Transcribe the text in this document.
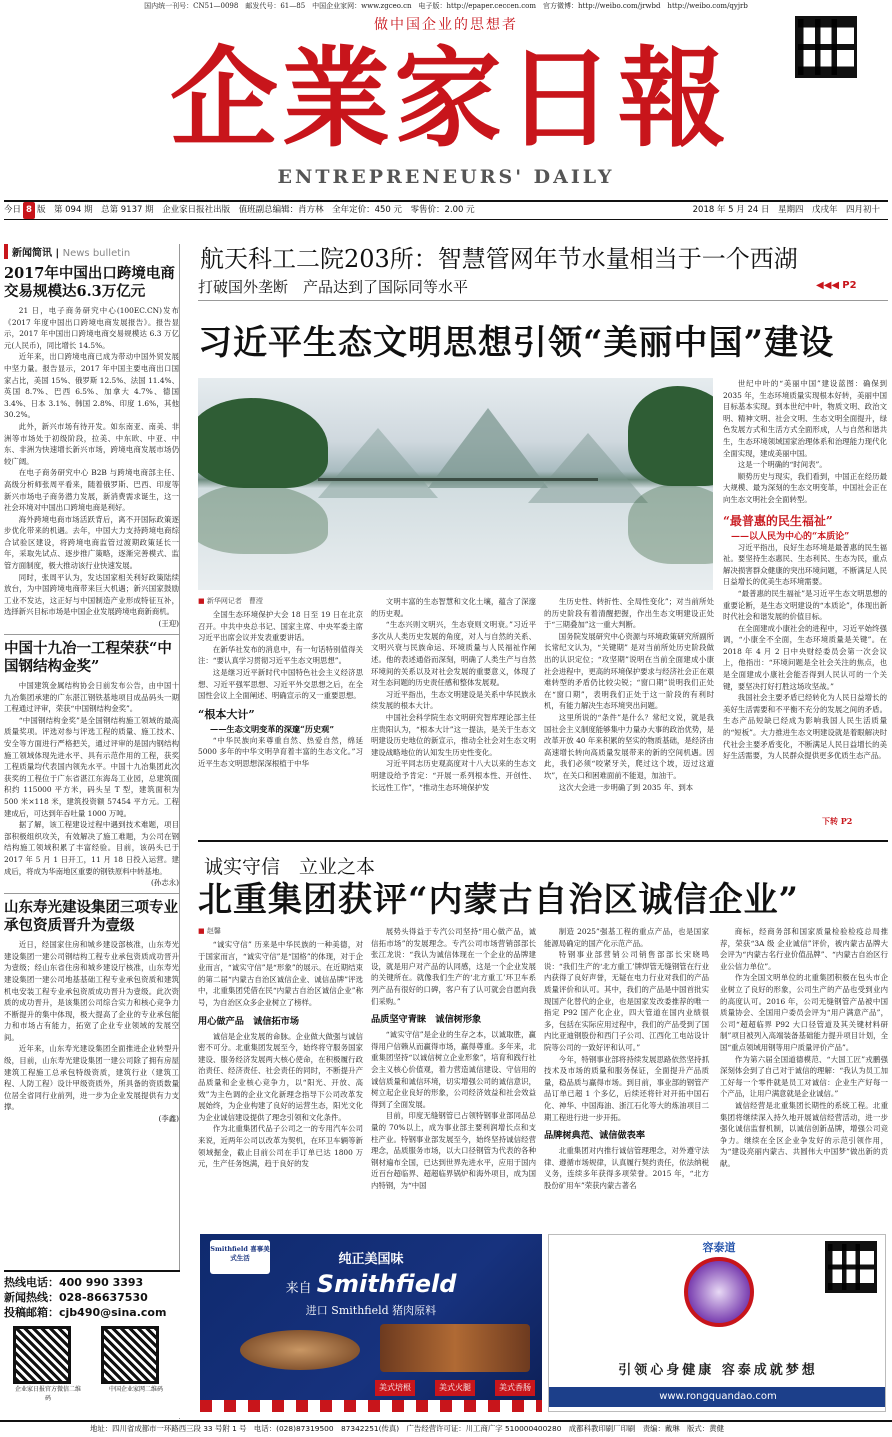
国内统一刊号：CN51—0098　邮发代号：61—85　中国企业家网：www.zgceo.cn　电子版：http://epaper.ceccen.com　官方微博：http://weibo.com/jrwbd　http://weibo.com/qyjrb
做中国企业的思想者
企業家日報
ENTREPRENEURS' DAILY
今日 8 版　第 094 期　总第 9137 期　企业家日报社出版　值班副总编辑：肖方林　全年定价：450 元　零售价：2.00 元	2018 年 5 月 24 日　星期四　戊戌年　四月初十
新闻简讯 | News bulletin
2017年中国出口跨境电商交易规模达6.3万亿元

21 日，电子商务研究中心(100EC.CN)发布《2017 年度中国出口跨境电商发展报告》。报告显示，2017 年中国出口跨境电商交易规模达 6.3 万亿元(人民币)，同比增长 14.5%。

近年来，出口跨境电商已成为带动中国外贸发展中坚力量。报告显示，2017 年中国主要电商出口国家占比，美国 15%、俄罗斯 12.5%、法国 11.4%、英国 8.7%、巴西 6.5%、加拿大 4.7%、德国 3.4%、日本 3.1%、韩国 2.8%、印度 1.6%，其他 30.2%。

此外，新兴市场有待开发。如东南亚、南美、非洲等市场处于初级阶段，拉美、中东欧、中亚、中东、非洲为快速增长新兴市场，跨境电商发展市场仍较广阔。

在电子商务研究中心 B2B 与跨境电商部主任、高级分析师张周平看来，随着俄罗斯、巴西、印度等新兴市场电子商务潜力发展，新消费需求诞生，这一社会环境对中国出口跨境电商是利好。

海外跨境电商市场活跃背后，离不开国际政策逐步优化带来的机遇。去年，中国大力支持跨境电商综合试验区建设，将跨境电商监管过渡期政策延长一年，采取先试点、逐步推广策略，逐渐完善模式、监管方面制度，极大推动该行业快速发展。

同时，张周平认为，发达国家相关利好政策陆续放台，为中国跨境电商带来巨大机遇；新兴国家鼓励工业不发达，这正好与中国制造产业形成特征互补，选择新兴目标市场是中国企业发展跨境电商新商机。

(王迎)

中国十九冶一工程荣获“中国钢结构金奖”

中国建筑金属结构协会日前发布公告，由中国十九冶集团承建的广东湛江钢铁基地项目成品码头一期工程通过评审，荣获“中国钢结构金奖”。

“中国钢结构金奖”是全国钢结构施工领域的最高质量奖项。评选对参与评选工程的质量、施工技术、安全等方面进行严格把关，通过评审的是国内钢结构施工领域体现先进水平、具有示范作用的工程，获奖工程质量均代表国内领先水平。中国十九冶集团此次获奖的工程位于广东省湛江东海岛工业园，总建筑面积约 115000 平方米，码头呈 T 型，建筑面积为 500 米×118 米，建筑投资额 57454 平方元。工程建成后，可达到年吞吐量 1000 万吨。

据了解，该工程建设过程中遇到技术难题，项目部积极组织攻关，有效解决了施工难题，为公司在钢结构施工领域积累了丰富经验。目前，该码头已于 2017 年 5 月 1 日开工，11 月 18 日投入运营。建成后，将成为华南地区重要的钢铁原料中转基地。

(孙志永)

山东寿光建设集团三项专业承包资质晋升为壹级

近日，经国家住房和城乡建设部核准，山东寿光建设集团一建公司钢结构工程专业承包资质成功晋升为壹级；经山东省住房和城乡建设厅核准，山东寿光建设集团一建公司地基基础工程专业承包资质和建筑机电安装工程专业承包资质成功晋升为壹级。此次资质的成功晋升，是该集团公司综合实力和核心竞争力不断提升的集中体现，极大提高了企业的专业承包能力和市场占有能力，拓宽了企业专业领域的发展空间。

近年来，山东寿光建设集团全面推进企业转型升级，目前，山东寿光建设集团一建公司除了拥有房屋建筑工程施工总承包特级资质，建筑行业（建筑工程、人防工程）设计甲级资质外，所具备的资质数量位居全省同行业前列，进一步为企业发展提供有力支撑。

(李鑫)

热线电话：400 990 3393
新闻热线：028-86637530
投稿邮箱：cjb490@sina.com
企业家日报官方微信二维码
中国企业家网二维码
航天科工二院203所：智慧管网年节水量相当于一个西湖
打破国外垄断　产品达到了国际同等水平	◀◀◀ P2
习近平生态文明思想引领“美丽中国”建设
■ 新华网记者　 曹滢

全国生态环境保护大会 18 日至 19 日在北京召开。中共中央总书记、国家主席、中央军委主席习近平出席会议并发表重要讲话。

在新华社发布的消息中，有一句话特别值得关注：“要认真学习贯彻习近平生态文明思想”。

这是继习近平新时代中国特色社会主义经济思想、习近平强军思想、习近平外交思想之后，在全国性会议上全面阐述、明确宣示的又一重要思想。

“根本大计”
——生态文明变革的深邃“历史观”

“中华民族向来尊重自然、热爱自然，绵延 5000 多年的中华文明孕育着丰富的生态文化。”习近平生态文明思想深深根植于中华

文明丰富的生态智慧和文化土壤，蕴含了深邃的历史观。

“生态兴则文明兴，生态衰则文明衰。”习近平多次从人类历史发展的角度，对人与自然的关系、文明兴衰与民族命运、环境质量与人民福祉作阐述。他的表述通俗而深刻，明确了人类生产与自然环境间的关系以及对社会发展的重要意义，体现了对生态问题的历史责任感和整体发展观。

习近平指出，生态文明建设是关系中华民族永续发展的根本大计。

中国社会科学院生态文明研究智库理论部主任庄贵阳认为，“根本大计”这一提法，是关于生态文明建设历史地位的新宣示，推动全社会对生态文明建设战略地位的认知发生历史性变化。

习近平同志历史观高度对十八大以来的生态文明建设给予肯定：“开展一系列根本性、开创性、长远性工作”，“推动生态环境保护发

生历史性、转折性、全局性变化”；对当前所处的历史阶段有着清醒把握，作出生态文明建设正处于“三期叠加”这一重大判断。

国务院发展研究中心资源与环境政策研究所副所长常纪文认为，“关键期” 是对当前所处历史阶段做出的认识定位；“攻坚期”说明在当前全面建成小康社会进程中，更高的环境保护要求与经济社会正在艰难转型的矛盾仍比较尖锐；“窗口期”说明我们正处在“窗口期”，表明我们正处于这一阶段的有利时机，有能力解决生态环境突出问题。

这里所说的“条件”是什么？常纪文说，就是我国社会主义制度能够集中力量办大事的政治优势，是改革开放 40 年来积累的坚实的物质基础，是经济由高速增长转向高质量发展带来的新的空间机遇。因此，我们必须“咬紧牙关，爬过这个坡，迈过这道坎”，在关口和困难面前不能退，加油干。

这次大会进一步明确了到 2035 年、到本

世纪中叶的“美丽中国”建设蓝图：确保到 2035 年，生态环境质量实现根本好转，美丽中国目标基本实现。到本世纪中叶，物质文明、政治文明、精神文明、社会文明、生态文明全面提升，绿色发展方式和生活方式全面形成，人与自然和谐共生，生态环境领域国家治理体系和治理能力现代化全面实现，建成美丽中国。

这是一个明确的“时间表”。

顺势历史与现实，我们看到，中国正在经历最大规模、最为深刻的生态文明变革，中国社会正在向生态文明社会全面转型。

“最普惠的民生福祉”
——以人民为中心的“本质论”

习近平指出，良好生态环境是最普惠的民生福祉。要坚持生态惠民、生态利民、生态为民，重点解决损害群众健康的突出环境问题，不断满足人民日益增长的优美生态环境需要。

“最普惠的民生福祉”是习近平生态文明思想的重要论断，是生态文明建设的“本质论”，体现出新时代社会和谐发展的价值目标。

在全面建成小康社会的进程中，习近平始终强调，“小康全不全面，生态环境质量是关键”。在 2018 年 4 月 2 日中央财经委员会第一次会议上，他指出：“环境问题是全社会关注的焦点，也是全面建成小康社会能否得到人民认可的一个关键，要坚决打好打胜这场攻坚战。”

我国社会主要矛盾已经转化为人民日益增长的美好生活需要和不平衡不充分的发展之间的矛盾。生态产品短缺已经成为影响我国人民生活质量的“短板”。大力推进生态文明建设就是着眼解决时代社会主要矛盾变化，不断满足人民日益增长的美好生活需要，为人民群众提供更多优质生态产品。

下转 P2
诚实守信　立业之本
北重集团获评“内蒙古自治区诚信企业”
■ 赵馨

“诚实守信” 历来是中华民族的一种美德，对于国家而言，“诚实守信”是“国格”的体现，对于企业而言，“诚实守信”是“形象”的展示。在近期结束的第二届“内蒙古自治区诚信企业、诚信品牌”评选中，北重集团凭借在民“内蒙古自治区诚信企业”称号，为自治区众多企业树立了榜样。

用心做产品　诚信拓市场

诚信是企业发展的命脉。企业做大做强与诚信密不可分。北重集团发展至今，始终将守服务国家建设、服务经济发展两大核心使命，在积极履行政治责任、经济责任、社会责任的同时，不断提升产品质量和企业核心竞争力，以“阳光、开放、高效”为主色调的企业文化新理念指导下公司改革发展始终，为企业构建了良好的运营生态，阳光文化为企业诚信建设提供了理念引领和文化条件。

作为北重集团代品子公司之一的专用汽车公司来说，近两年公司以改革为契机，在环卫车辆等新领域掘金，截止目前公司在手订单已达 1800 万元，生产任务饱满，趋于良好的发

展势头得益于专汽公司坚持“用心做产品，诚信拓市场”的发展理念。专汽公司市场营销部部长张江龙说：“我认为诚信体现在一个企业的品牌建设，就是用户对产品的认同感，这是一个企业发展的关键所在。就像我们生产的‘北方重工’环卫车系列产品有很好的口碑，客户有了认可就会自愿向我们采购。”

品质坚守青睐　诚信树形象

“诚实守信”是企业的生存之本，以诚取胜，赢得用户信赖从而赢得市场，赢得尊重。多年来，北重集团坚持“以诚信树立企业形象”，培育和践行社会主义核心价值观，着力营造诚信建设、守信用的诚信质量和诚信环境，切实增强公司的诚信意识，树立起企业良好的形象，公司经济效益和社会效益得到了全面发展。

目前，印度无缝钢管已占领特钢事业部同品总量的 70%以上，成为事业部主要利润增长点和支柱产业。特钢事业部发展至今，始终坚持诚信经营理念，品质服务市场，以大口径钢管为代表的各种钢材遍布全国，已达到世界先进水平，应用于国内近百台超临界、超超临界锅炉和海外项目，成为国内特钢，为“中国

制造 2025”强基工程的重点产品，也是国家能源局确定的国产化示范产品。

特钢事业部营销公司销售部部长宋晓鸣说：“我们生产的‘北方重工’牌焊管无缝钢管在行业内获得了良好声誉，无疑在电力行业对我们的产品质量评价和认可。其中，我们的产品是中国首批实现国产化替代的企业，也是国家发改委推荐的唯一指定 P92 国产化企业，四大管道在国内业绩很多，包括在实际应用过程中，我们的产品受到了国内比亚迪钢股份和西门子公司、江西化工电站设计院等公司的一致好评和认可。”

今年，特钢事业部将持续发展思路依然坚持抓技术及市场的质量和服务保证，全面提升产品质量，稳品质与赢得市场。到目前，事业部的钢管产品订单已超 1 个多亿，后续还将针对开拓中国石化、神华、中国海油、浙江石化等大的炼油项目二期工程进行进一步开拓。

品牌树典范、诚信做表率

北重集团对内推行诚信管理理念，对外遵守法律、遵循市场规律，认真履行契约责任，依法纳税义务，连续多年获得多项荣誉。2015 年，“北方股份矿用车”荣获内蒙古著名

商标，经商务部和国家质量检验检疫总局推荐，荣获“3A 级 企业诚信”评价，被内蒙古品牌大会评为“内蒙古名行业价值品牌”、“内蒙古自治区行业公信力单位”。

作为全国文明单位的北重集团积极在包头市企业树立了良好的形象，公司生产的产品也受到业内的高度认可。2016 年，公司无缝钢管产品被中国质量协会、全国用户委员会评为“用户满意产品”，公司“超超临界 P92 大口径管道及其关键材料研制”项目被列入高端装备基础能力提升项目计划，全国“重点领域用钢等用户质量评价产品”。

作为第六届全国道德模范、“大国工匠”戎鹏强深刻体会到了自己对于诚信的理解：“我认为员工加工好每一个零件就是员工对诚信：企业生产好每一个产品，让用户满意就是企业诚信。”

诚信经营是北重集团长期性的系统工程。北重集团将继续深入持久地开展诚信经营活动，进一步强化诚信监督机制，以诚信创新品牌，增强公司竞争力。继续在全区企业争发好的示范引领作用，为“建设亮丽内蒙古、共圆伟大中国梦”做出新的贡献。

Smithfield 喜事美式生活	纯正美国味
来自 Smithfield
进口 Smithfield 猪肉原料
美式培根	美式火腿	美式香肠
容泰道
引领心身健康 容泰成就梦想
www.rongquandao.com
地址：四川省成都市一环路西三段 33 号附 1 号　电话：(028)87319500　87342251(传真)　广告经营许可证：川工商广字 510000400280　成都科教印刷厂印刷　责编：戴琳　版式：黄健
